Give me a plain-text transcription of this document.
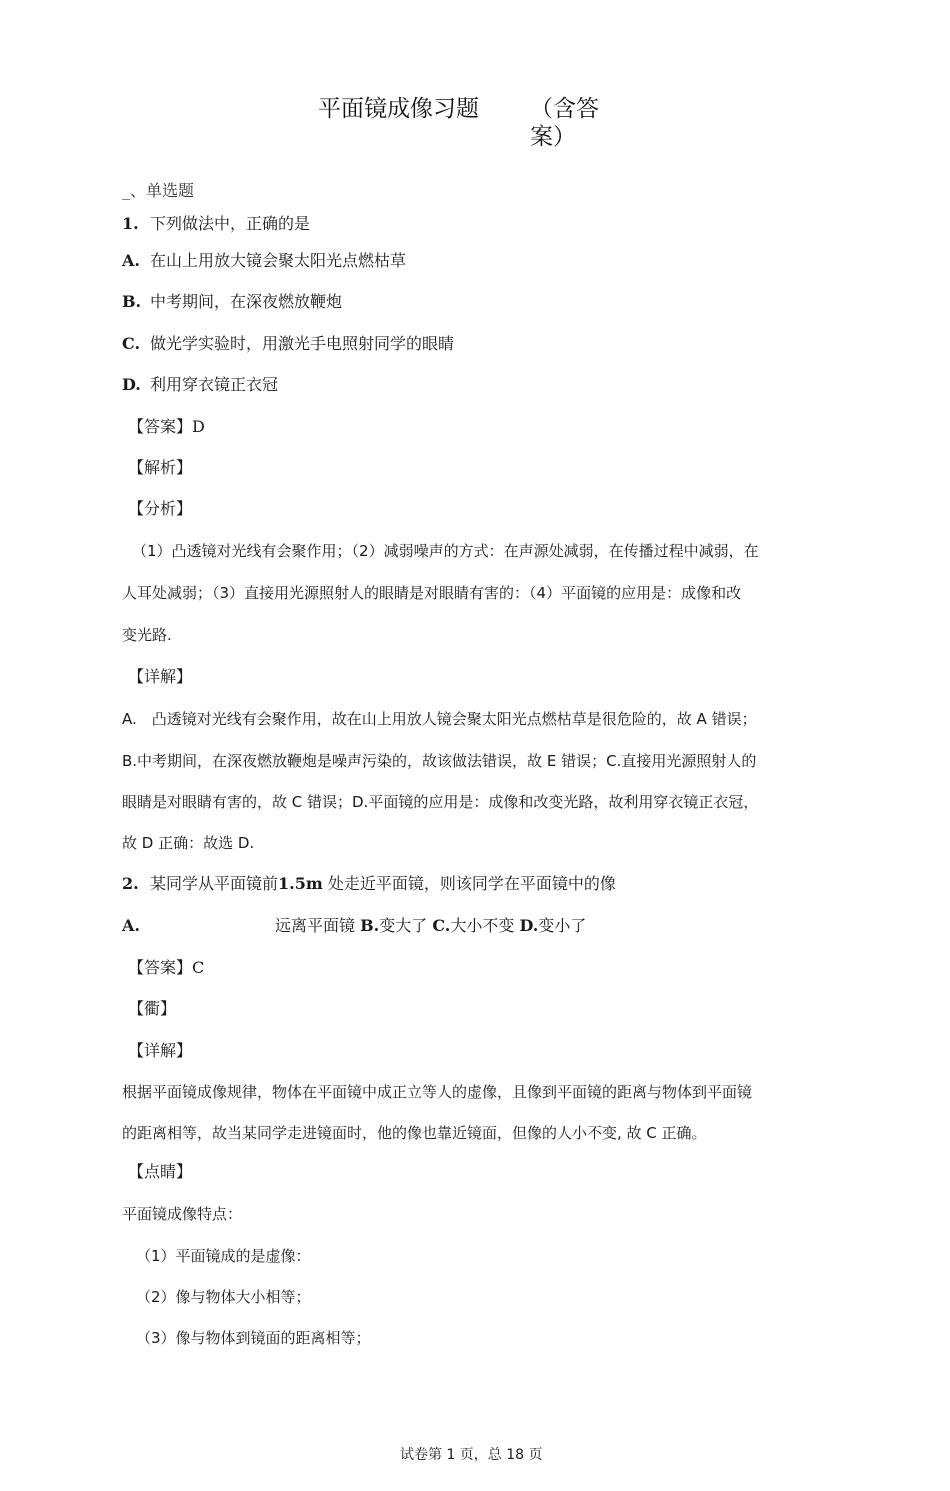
平面镜成像习题 （含答
案）
_、单选题
1. 下列做法中，正确的是
A. 在山上用放大镜会聚太阳光点燃枯草
B. 中考期间，在深夜燃放鞭炮
C. 做光学实验时，用激光手电照射同学的眼睛
D. 利用穿衣镜正衣冠
【答案】D
【解析】
【分析】
（1）凸透镜对光线有会聚作用；（2）减弱噪声的方式：在声源处减弱，在传播过程中减弱，在
人耳处减弱；（3）直接用光源照射人的眼睛是对眼睛有害的：（4）平面镜的应用是：成像和改
变光路.
【详解】
A.　凸透镜对光线有会聚作用，故在山上用放人镜会聚太阳光点燃枯草是很危险的，故 A 错误；
B.中考期间，在深夜燃放鞭炮是噪声污染的，故该做法错误，故 E 错误；C.直接用光源照射人的
眼睛是对眼睛有害的，故 C 错误；D.平面镜的应用是：成像和改变光路，故利用穿衣镜正衣冠，
故 D 正确：故选 D.
2. 某同学从平面镜前1.5m 处走近平面镜，则该同学在平面镜中的像
A.	远离平面镜 B.变大了 C.大小不变 D.变小了
【答案】C
【衢】
【详解】
根据平面镜成像规律，物体在平面镜中成正立等人的虚像，且像到平面镜的距离与物体到平面镜
的距离相等，故当某同学走进镜面时，他的像也靠近镜面，但像的人小不变, 故 C 正确。
【点睛】
平面镜成像特点：
（1）平面镜成的是虚像：
（2）像与物体大小相等；
（3）像与物体到镜面的距离相等；
试卷第 1 页，总 18 页
